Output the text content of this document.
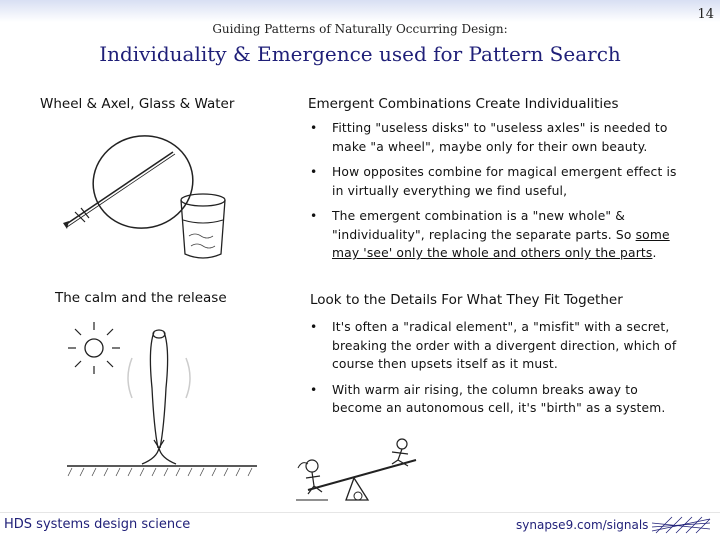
14
Guiding Patterns of Naturally Occurring Design:
Individuality & Emergence used for Pattern Search
Wheel & Axel, Glass & Water	Emergent Combinations Create Individualities
• Fitting "useless disks" to "useless axles" is needed to make "a wheel", maybe only for their own beauty.
• How opposites combine for magical emergent effect is in virtually everything we find useful,
• The emergent combination is a "new whole" & "individuality", replacing the separate parts. So some may 'see' only the whole and others only the parts.
The calm and the release	Look to the Details For What They Fit Together
• It's often a "radical element", a "misfit" with a secret, breaking the order with a divergent direction, which of course then upsets itself as it must.
• With warm air rising, the column breaks away to become an autonomous cell, it's "birth" as a system.
HDS systems design science	synapse9.com/signals
